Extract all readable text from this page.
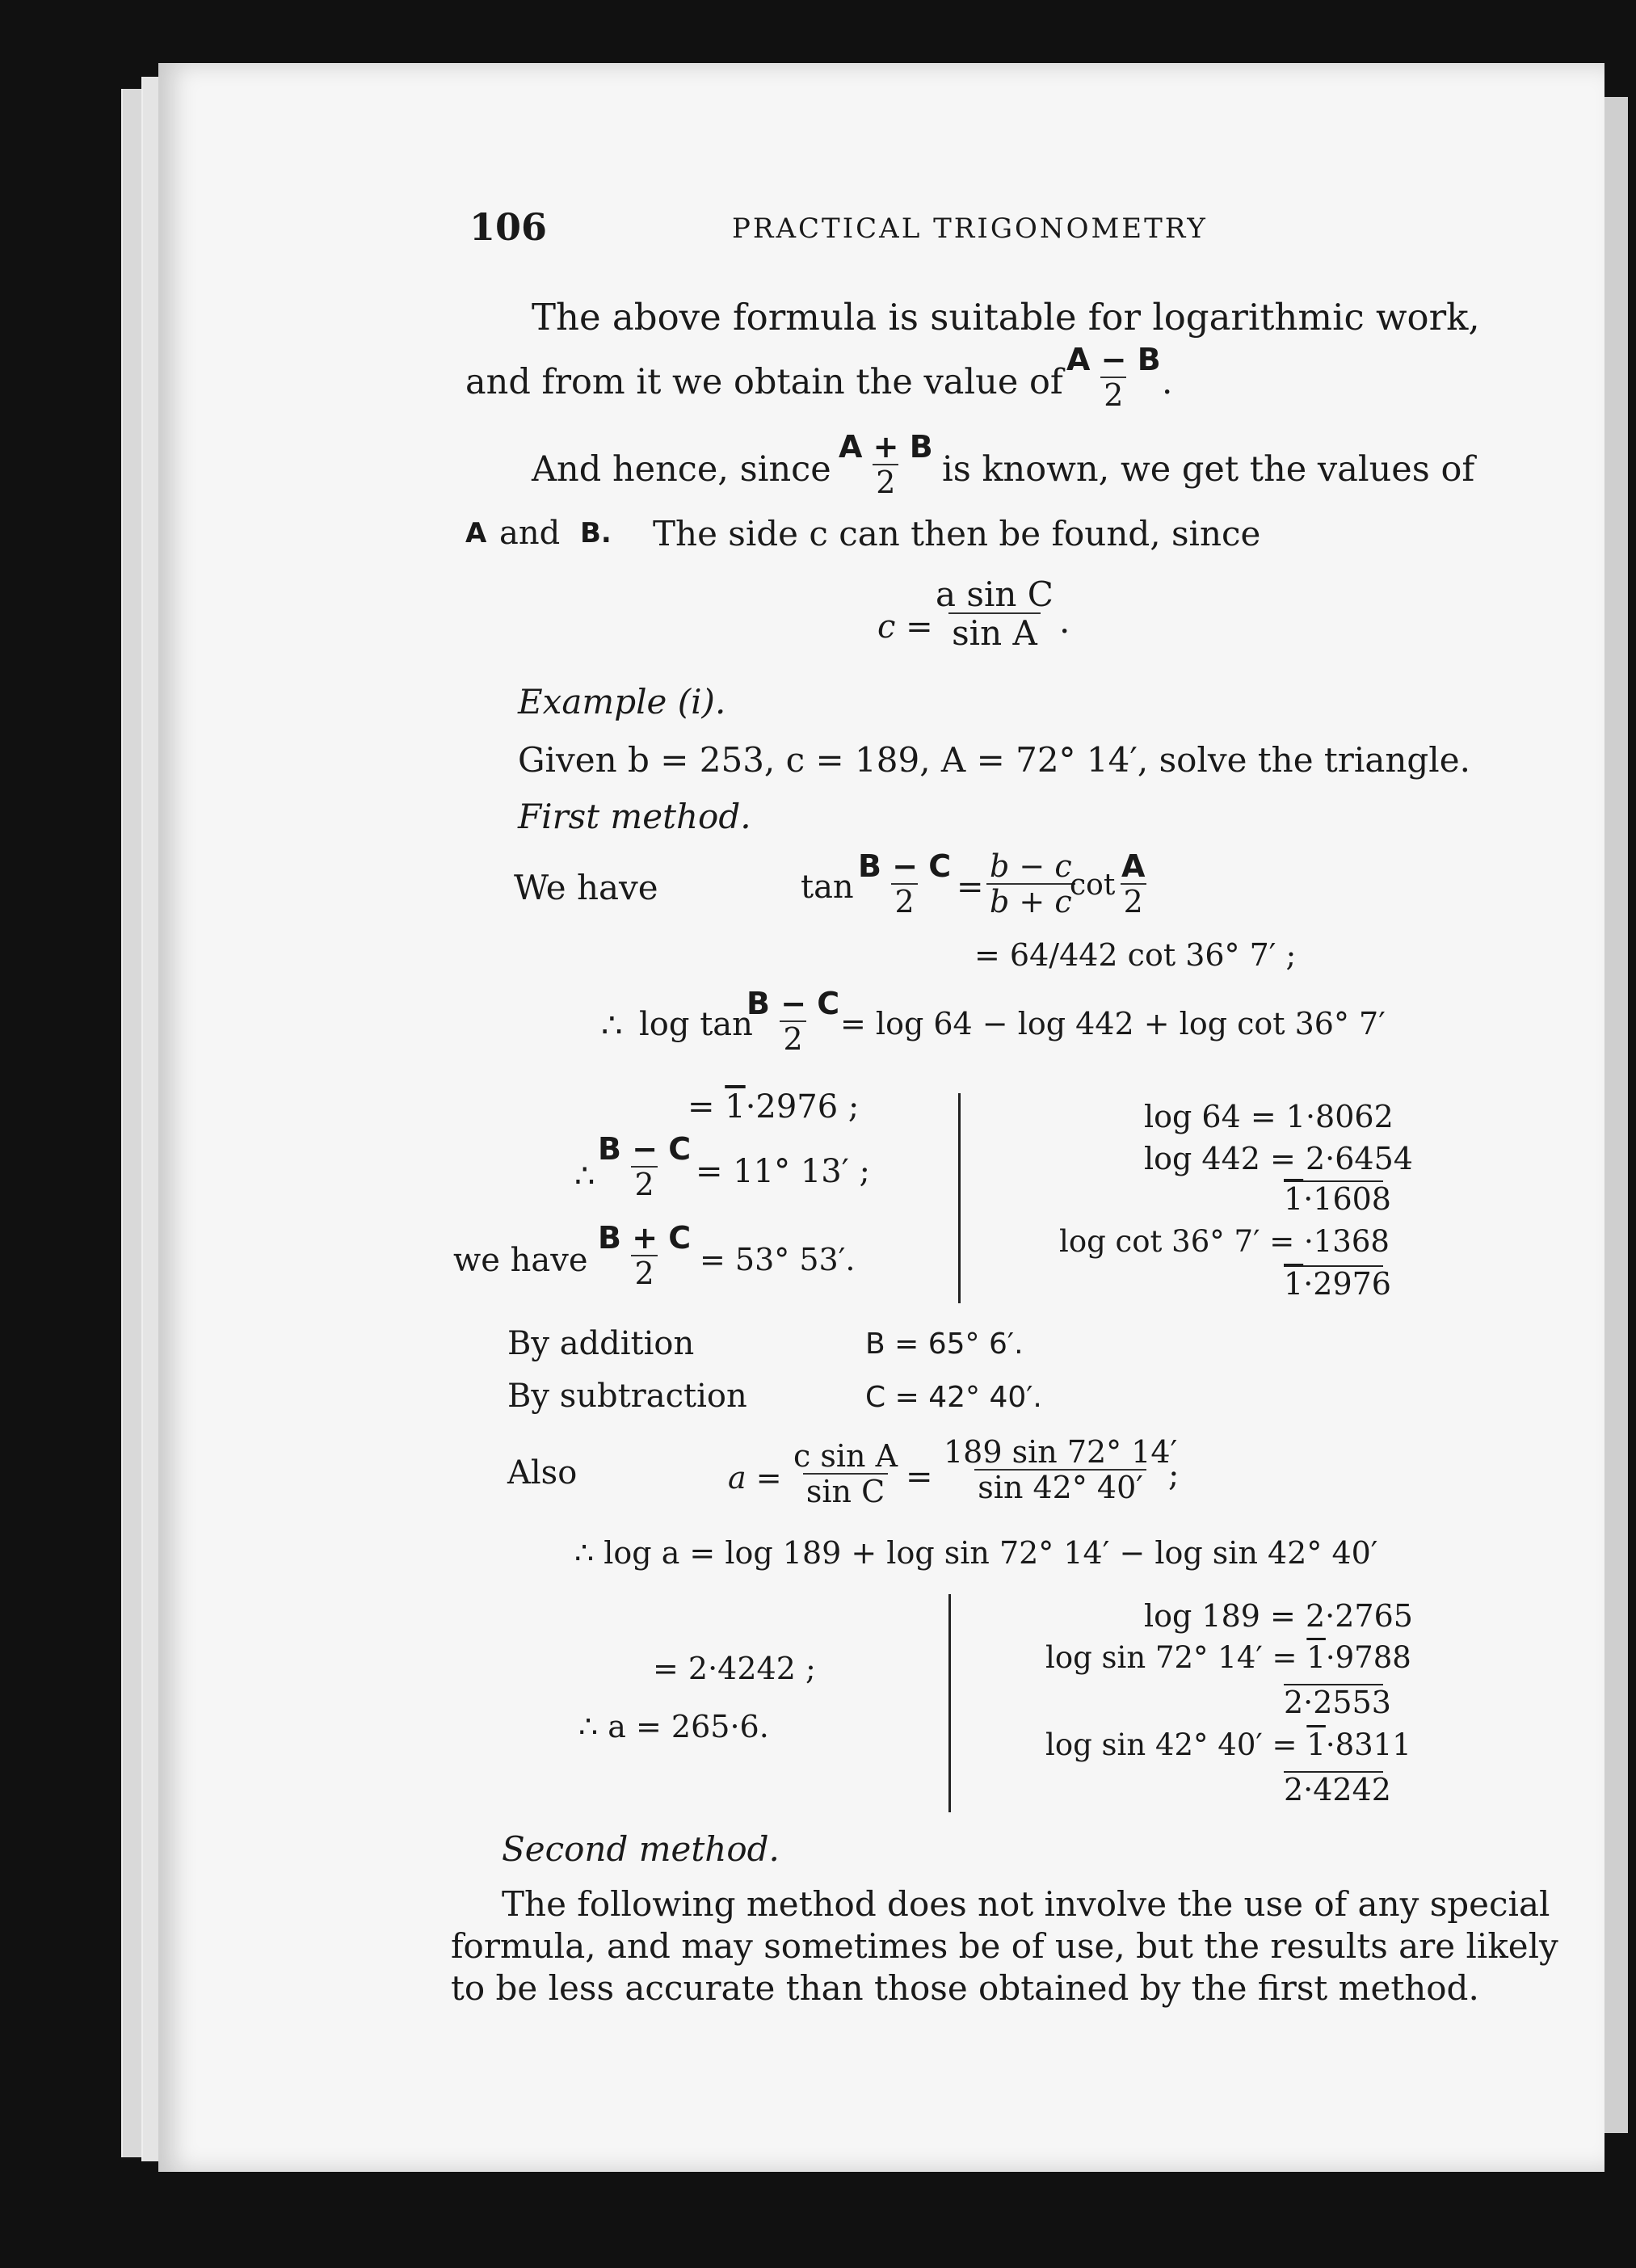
106	PRACTICAL TRIGONOMETRY
The above formula is suitable for logarithmic work,
and from it we obtain the value of $\frac{A - B}{2}$
.
And hence, since $\frac{A + B}{2}$ is known, we get the values of
A and B. The side c can then be found, since
$c = \frac{\text{a sin C}}{\text{sin A}}$ .
Example (i).
Given b = 253, c = 189, A = 72° 14′, solve the triangle.
First method.
We have	$\tan \frac{B - C}{2} = \frac{b - c}{b + c}$
$\cot \frac{A}{2}$
= 64/442 cot 36° 7′ ;
∴ log tan
$\frac{B - C}{2}$
= log 64 − log 442 + log cot 36° 7′
= 1·2976 ;
∴ $\frac{B - C}{2} = 11^\circ$ 13′ ;
we have $\frac{B + C}{2} = 53^\circ$ 53′.
log 64 = 1·8062
log 442 = 2·6454
1·1608
log cot 36° 7′ = ·1368
1·2976
By addition	B = 65° 6′.
By subtraction	C = 42° 40′.
Also	$a = \frac{\text{c sin A}}{\text{sin C}} = \frac{189 \sin 72^\circ 14'}{\sin 42^\circ 40'}$
;
∴ log a = log 189 + log sin 72° 14′ − log sin 42° 40′
= 2·4242 ;
∴ a = 265·6.
log 189 = 2·2765
log sin 72° 14′ = 1·9788
2·2553
log sin 42° 40′ = 1·8311
2·4242
Second method.
The following method does not involve the use of any special
formula, and may sometimes be of use, but the results are likely
to be less accurate than those obtained by the first method.
